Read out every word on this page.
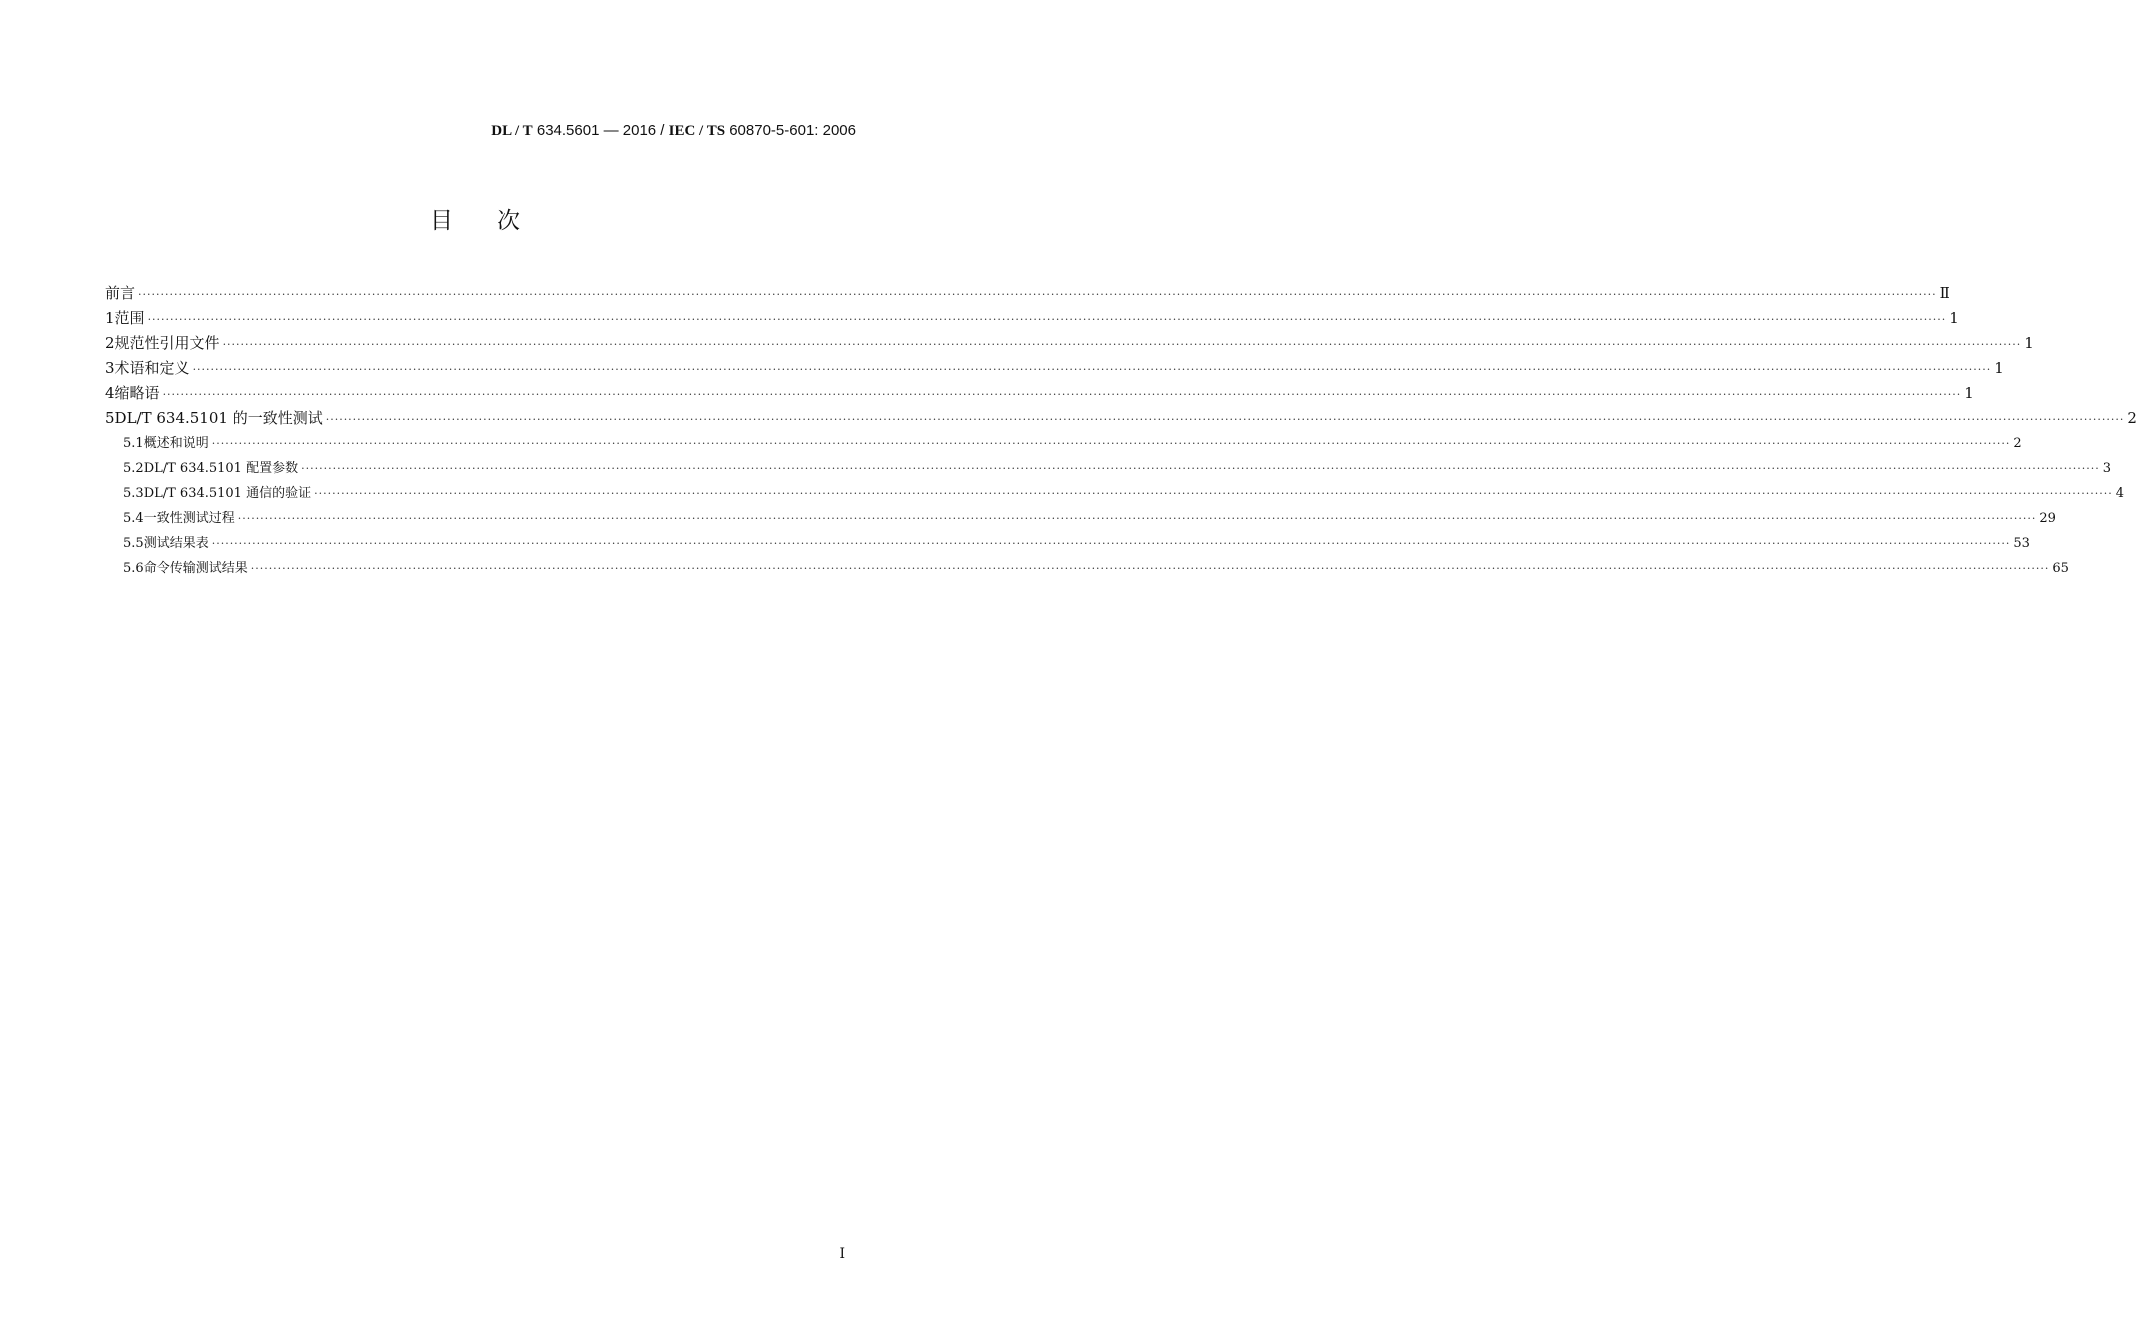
DL / T 634.5601 — 2016 / IEC / TS 60870-5-601: 2006
目次
前言 ················································································································································································································································································································································································································ Ⅱ
1 范围 ················································································································································································································································································································································································································ 1
2 规范性引用文件 ················································································································································································································································································································································································································ 1
3 术语和定义 ················································································································································································································································································································································································································ 1
4 缩略语 ················································································································································································································································································································································································································ 1
5 DL/T 634.5101 的一致性测试 ················································································································································································································································································································································································································ 2
5.1 概述和说明 ················································································································································································································································································································································································································ 2
5.2 DL/T 634.5101 配置参数 ················································································································································································································································································································································································································ 3
5.3 DL/T 634.5101 通信的验证 ················································································································································································································································································································································································································ 4
5.4 一致性测试过程 ················································································································································································································································································································································································································ 29
5.5 测试结果表 ················································································································································································································································································································································································································ 53
5.6 命令传输测试结果 ················································································································································································································································································································································································································ 65
I
